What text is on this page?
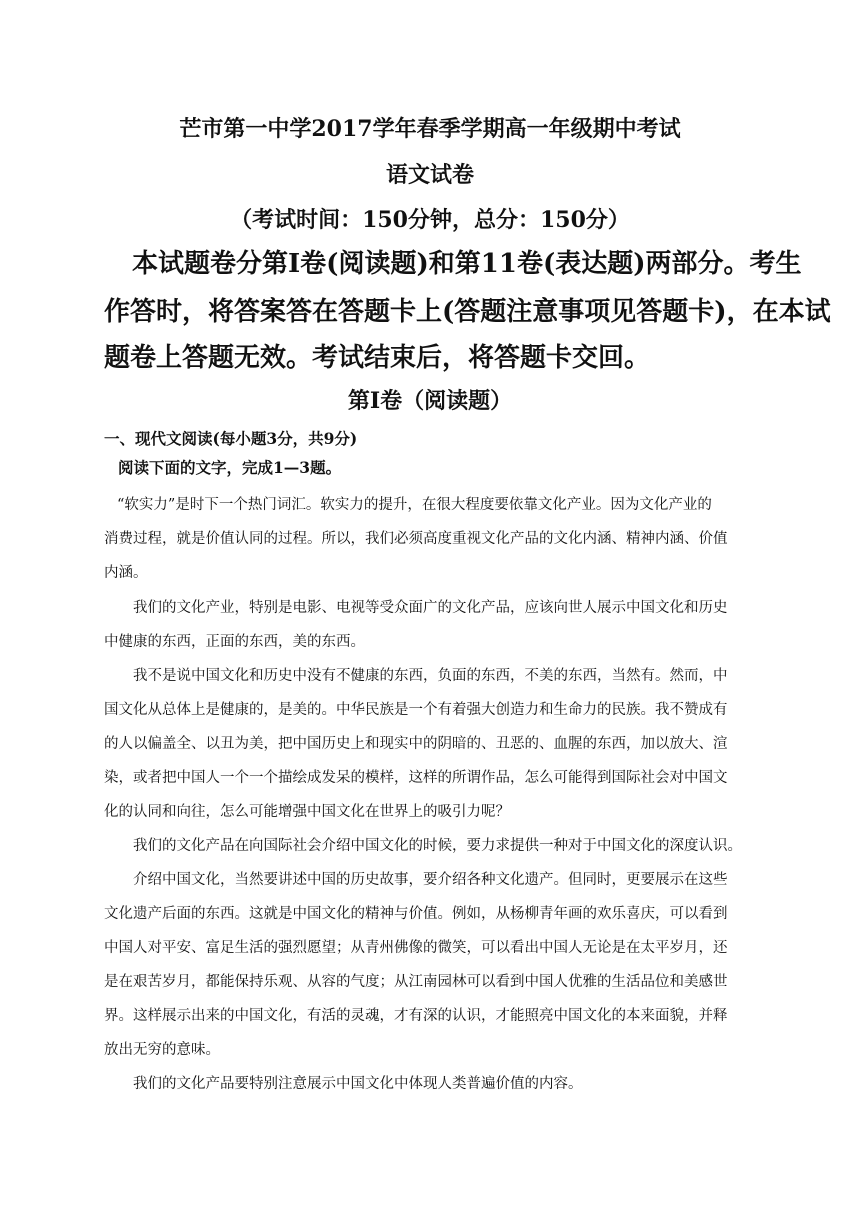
芒市第一中学2017学年春季学期高一年级期中考试
语文试卷
（考试时间：150分钟，总分：150分）
本试题卷分第Ⅰ卷(阅读题)和第11卷(表达题)两部分。考生
作答时，将答案答在答题卡上(答题注意事项见答题卡)，在本试
题卷上答题无效。考试结束后，将答题卡交回。
第Ⅰ卷（阅读题）
一、现代文阅读(每小题3分，共9分)
阅读下面的文字，完成1—3题。
“软实力”是时下一个热门词汇。软实力的提升，在很大程度要依靠文化产业。因为文化产业的
消费过程，就是价值认同的过程。所以，我们必须高度重视文化产品的文化内涵、精神内涵、价值
内涵。
我们的文化产业，特别是电影、电视等受众面广的文化产品，应该向世人展示中国文化和历史
中健康的东西，正面的东西，美的东西。
我不是说中国文化和历史中没有不健康的东西，负面的东西，不美的东西，当然有。然而，中
国文化从总体上是健康的，是美的。中华民族是一个有着强大创造力和生命力的民族。我不赞成有
的人以偏盖全、以丑为美，把中国历史上和现实中的阴暗的、丑恶的、血腥的东西，加以放大、渲
染，或者把中国人一个一个描绘成发呆的模样，这样的所谓作品，怎么可能得到国际社会对中国文
化的认同和向往，怎么可能增强中国文化在世界上的吸引力呢？
我们的文化产品在向国际社会介绍中国文化的时候，要力求提供一种对于中国文化的深度认识。
介绍中国文化，当然要讲述中国的历史故事，要介绍各种文化遗产。但同时，更要展示在这些
文化遗产后面的东西。这就是中国文化的精神与价值。例如，从杨柳青年画的欢乐喜庆，可以看到
中国人对平安、富足生活的强烈愿望；从青州佛像的微笑，可以看出中国人无论是在太平岁月，还
是在艰苦岁月，都能保持乐观、从容的气度；从江南园林可以看到中国人优雅的生活品位和美感世
界。这样展示出来的中国文化，有活的灵魂，才有深的认识，才能照亮中国文化的本来面貌，并释
放出无穷的意味。
我们的文化产品要特别注意展示中国文化中体现人类普遍价值的内容。
